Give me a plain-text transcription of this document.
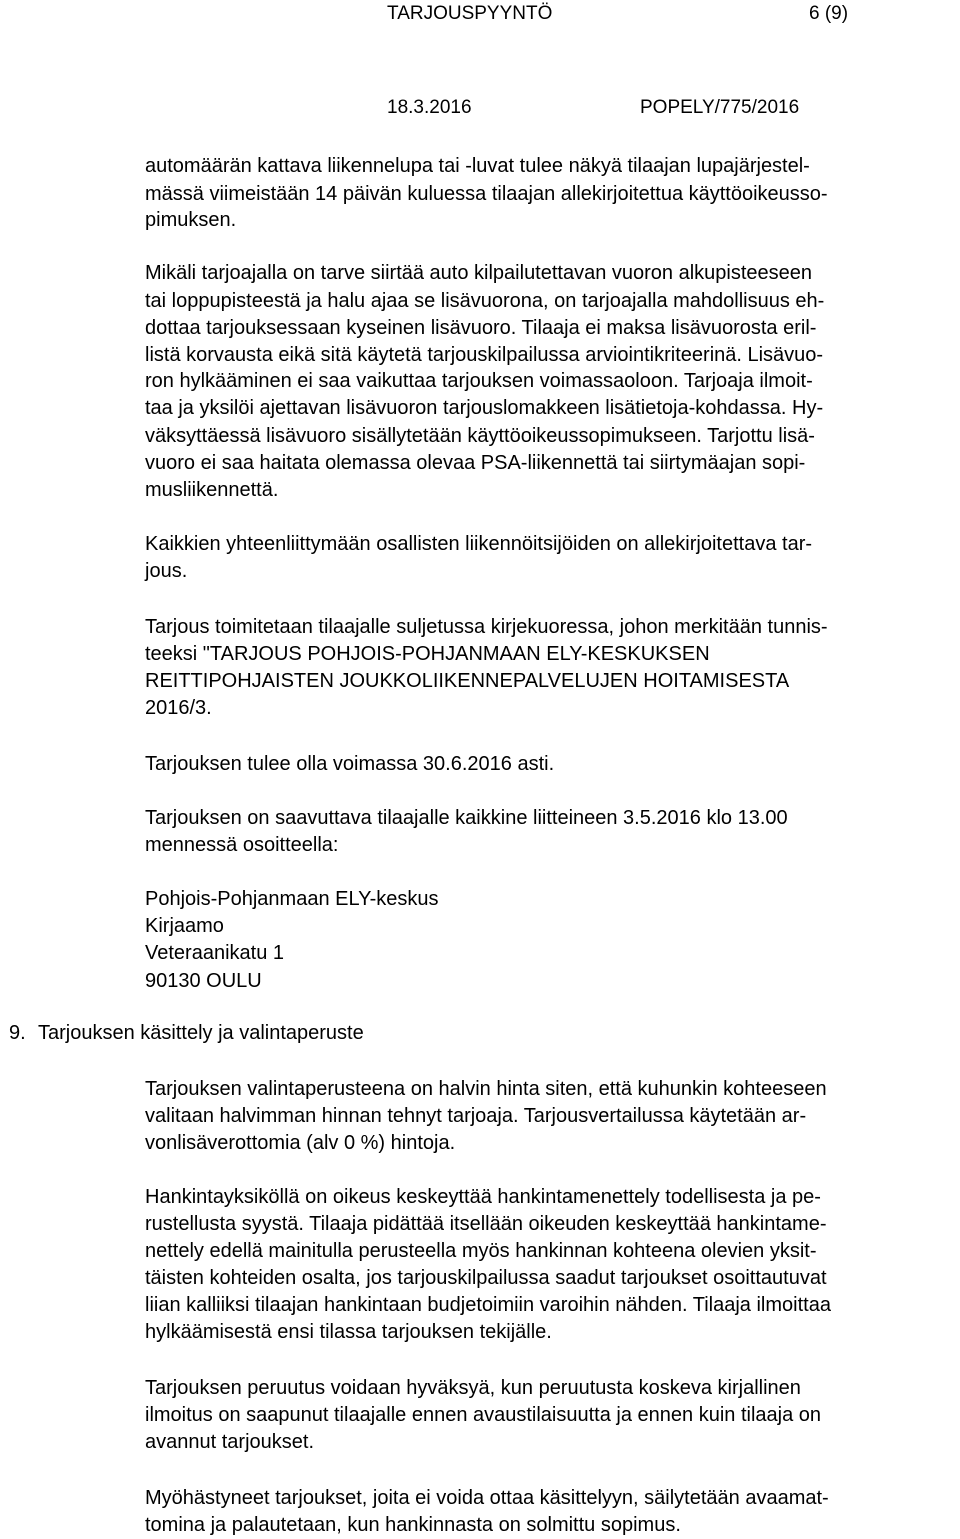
TARJOUSPYYNTÖ	6 (9)
18.3.2016	POPELY/775/2016
automäärän kattava liikennelupa tai -luvat tulee näkyä tilaajan lupajärjestel-
mässä viimeistään 14 päivän kuluessa tilaajan allekirjoitettua käyttöoikeusso-
pimuksen.
Mikäli tarjoajalla on tarve siirtää auto kilpailutettavan vuoron alkupisteeseen
tai loppupisteestä ja halu ajaa se lisävuorona, on tarjoajalla mahdollisuus eh-
dottaa tarjouksessaan kyseinen lisävuoro. Tilaaja ei maksa lisävuorosta eril-
listä korvausta eikä sitä käytetä tarjouskilpailussa arviointikriteerinä. Lisävuo-
ron hylkääminen ei saa vaikuttaa tarjouksen voimassaoloon. Tarjoaja ilmoit-
taa ja yksilöi ajettavan lisävuoron tarjouslomakkeen lisätietoja-kohdassa. Hy-
väksyttäessä lisävuoro sisällytetään käyttöoikeussopimukseen. Tarjottu lisä-
vuoro ei saa haitata olemassa olevaa PSA-liikennettä tai siirtymäajan sopi-
musliikennettä.
Kaikkien yhteenliittymään osallisten liikennöitsijöiden on allekirjoitettava tar-
jous.
Tarjous toimitetaan tilaajalle suljetussa kirjekuoressa, johon merkitään tunnis-
teeksi "TARJOUS POHJOIS-POHJANMAAN ELY-KESKUKSEN
REITTIPOHJAISTEN JOUKKOLIIKENNEPALVELUJEN HOITAMISESTA
2016/3.
Tarjouksen tulee olla voimassa 30.6.2016 asti.
Tarjouksen on saavuttava tilaajalle kaikkine liitteineen 3.5.2016 klo 13.00
mennessä osoitteella:
Pohjois-Pohjanmaan ELY-keskus
Kirjaamo
Veteraanikatu 1
90130 OULU
9. Tarjouksen käsittely ja valintaperuste
Tarjouksen valintaperusteena on halvin hinta siten, että kuhunkin kohteeseen
valitaan halvimman hinnan tehnyt tarjoaja. Tarjousvertailussa käytetään ar-
vonlisäverottomia (alv 0 %) hintoja.
Hankintayksiköllä on oikeus keskeyttää hankintamenettely todellisesta ja pe-
rustellusta syystä. Tilaaja pidättää itsellään oikeuden keskeyttää hankintame-
nettely edellä mainitulla perusteella myös hankinnan kohteena olevien yksit-
täisten kohteiden osalta, jos tarjouskilpailussa saadut tarjoukset osoittautuvat
liian kalliiksi tilaajan hankintaan budjetoimiin varoihin nähden. Tilaaja ilmoittaa
hylkäämisestä ensi tilassa tarjouksen tekijälle.
Tarjouksen peruutus voidaan hyväksyä, kun peruutusta koskeva kirjallinen
ilmoitus on saapunut tilaajalle ennen avaustilaisuutta ja ennen kuin tilaaja on
avannut tarjoukset.
Myöhästyneet tarjoukset, joita ei voida ottaa käsittelyyn, säilytetään avaamat-
tomina ja palautetaan, kun hankinnasta on solmittu sopimus.
